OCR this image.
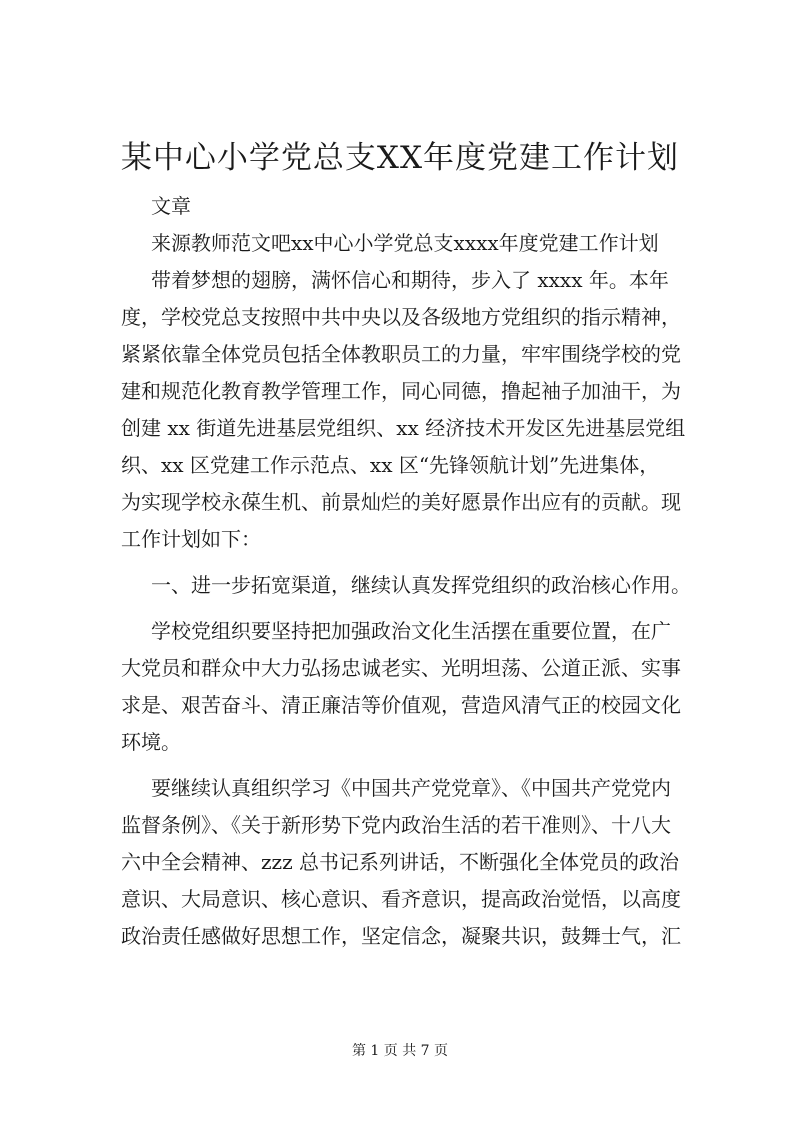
某中心小学党总支XX年度党建工作计划
文章
来源教师范文吧xx中心小学党总支xxxx年度党建工作计划
带着梦想的翅膀，满怀信心和期待，步入了 xxxx 年。本年
度，学校党总支按照中共中央以及各级地方党组织的指示精神，
紧紧依靠全体党员包括全体教职员工的力量，牢牢围绕学校的党
建和规范化教育教学管理工作，同心同德，撸起袖子加油干，为
创建 xx 街道先进基层党组织、xx 经济技术开发区先进基层党组
织、xx 区党建工作示范点、xx 区“先锋领航计划”先进集体，
为实现学校永葆生机、前景灿烂的美好愿景作出应有的贡献。现
工作计划如下：
一、进一步拓宽渠道，继续认真发挥党组织的政治核心作用。
学校党组织要坚持把加强政治文化生活摆在重要位置，在广
大党员和群众中大力弘扬忠诚老实、光明坦荡、公道正派、实事
求是、艰苦奋斗、清正廉洁等价值观，营造风清气正的校园文化
环境。
要继续认真组织学习《中国共产党党章》、《中国共产党党内
监督条例》、《关于新形势下党内政治生活的若干准则》、十八大
六中全会精神、zzz 总书记系列讲话，不断强化全体党员的政治
意识、大局意识、核心意识、看齐意识，提高政治觉悟，以高度
政治责任感做好思想工作，坚定信念，凝聚共识，鼓舞士气，汇
第 1 页 共 7 页
